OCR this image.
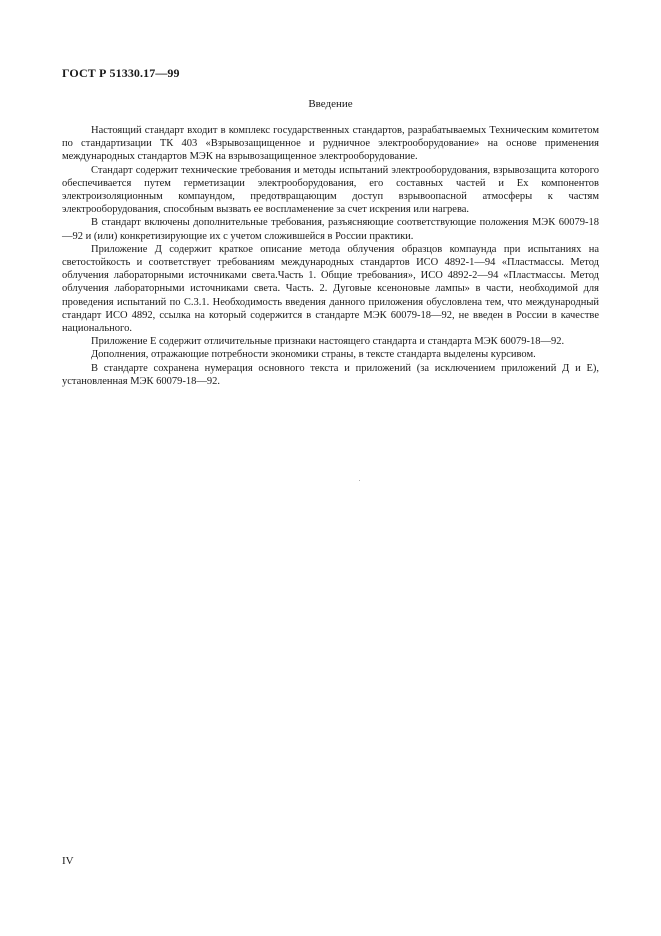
ГОСТ Р 51330.17—99
Введение

Настоящий стандарт входит в комплекс государственных стандартов, разрабатываемых Техническим комитетом по стандартизации ТК 403 «Взрывозащищенное и рудничное электрооборудование» на основе применения международных стандартов МЭК на взрывозащищенное электрооборудование.

Стандарт содержит технические требования и методы испытаний электрооборудования, взрывозащита которого обеспечивается путем герметизации электрооборудования, его составных частей и Ex компонентов электроизоляционным компаундом, предотвращающим доступ взрывоопасной атмосферы к частям электрооборудования, способным вызвать ее воспламенение за счет искрения или нагрева.

В стандарт включены дополнительные требования, разъясняющие соответствующие положения МЭК 60079-18—92 и (или) конкретизирующие их с учетом сложившейся в России практики.

Приложение Д содержит краткое описание метода облучения образцов компаунда при испытаниях на светостойкость и соответствует требованиям международных стандартов ИСО 4892-1—94 «Пластмассы. Метод облучения лабораторными источниками света.Часть 1. Общие требования», ИСО 4892-2—94 «Пластмассы. Метод облучения лабораторными источниками света. Часть. 2. Дуговые ксеноновые лампы» в части, необходимой для проведения испытаний по С.3.1. Необходимость введения данного приложения обусловлена тем, что международный стандарт ИСО 4892, ссылка на который содержится в стандарте МЭК 60079-18—92, не введен в России в качестве национального.

Приложение Е содержит отличительные признаки настоящего стандарта и стандарта МЭК 60079-18—92.

Дополнения, отражающие потребности экономики страны, в тексте стандарта выделены курсивом.

В стандарте сохранена нумерация основного текста и приложений (за исключением приложений Д и Е), установленная МЭК 60079-18—92.

IV
